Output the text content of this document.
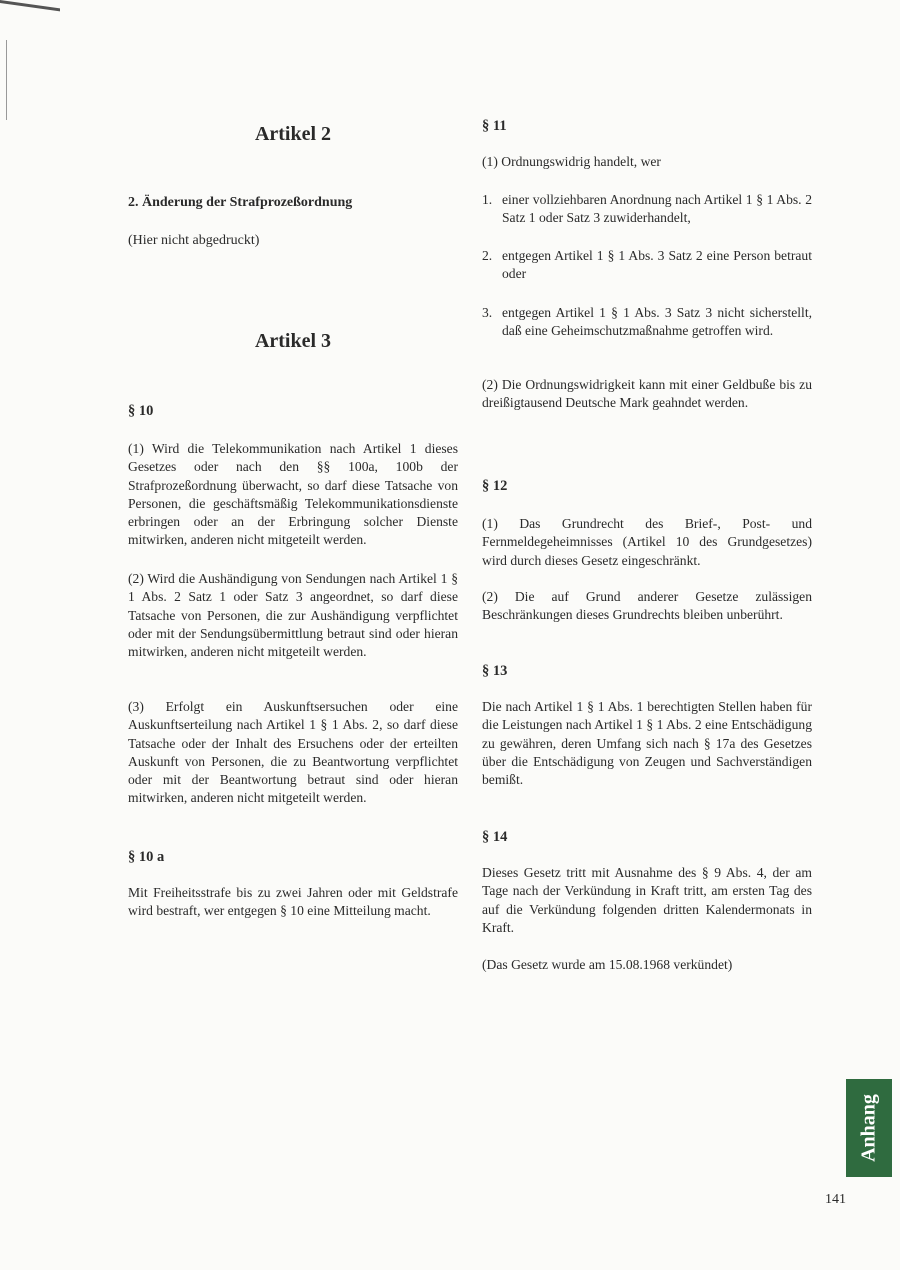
Artikel 2
2. Änderung der Strafprozeßordnung
(Hier nicht abgedruckt)
Artikel 3
§ 10

(1) Wird die Telekommunikation nach Artikel 1 dieses Gesetzes oder nach den §§ 100a, 100b der Strafprozeßordnung überwacht, so darf diese Tatsache von Personen, die geschäftsmäßig Telekommunikationsdienste erbringen oder an der Erbringung solcher Dienste mitwirken, anderen nicht mitgeteilt werden.

(2) Wird die Aushändigung von Sendungen nach Artikel 1 § 1 Abs. 2 Satz 1 oder Satz 3 angeordnet, so darf diese Tatsache von Personen, die zur Aushändigung verpflichtet oder mit der Sendungsübermittlung betraut sind oder hieran mitwirken, anderen nicht mitgeteilt werden.

(3) Erfolgt ein Auskunftsersuchen oder eine Auskunftserteilung nach Artikel 1 § 1 Abs. 2, so darf diese Tatsache oder der Inhalt des Ersuchens oder der erteilten Auskunft von Personen, die zu Beantwortung verpflichtet oder mit der Beantwortung betraut sind oder hieran mitwirken, anderen nicht mitgeteilt werden.

§ 10 a

Mit Freiheitsstrafe bis zu zwei Jahren oder mit Geldstrafe wird bestraft, wer entgegen § 10 eine Mitteilung macht.

§ 11
(1) Ordnungswidrig handelt, wer
1. einer vollziehbaren Anordnung nach Artikel 1 § 1 Abs. 2 Satz 1 oder Satz 3 zuwiderhandelt,
2. entgegen Artikel 1 § 1 Abs. 3 Satz 2 eine Person betraut oder
3. entgegen Artikel 1 § 1 Abs. 3 Satz 3 nicht sicherstellt, daß eine Geheimschutzmaßnahme getroffen wird.

(2) Die Ordnungswidrigkeit kann mit einer Geldbuße bis zu dreißigtausend Deutsche Mark geahndet werden.

§ 12

(1) Das Grundrecht des Brief-, Post- und Fernmeldegeheimnisses (Artikel 10 des Grundgesetzes) wird durch dieses Gesetz eingeschränkt.

(2) Die auf Grund anderer Gesetze zulässigen Beschränkungen dieses Grundrechts bleiben unberührt.

§ 13

Die nach Artikel 1 § 1 Abs. 1 berechtigten Stellen haben für die Leistungen nach Artikel 1 § 1 Abs. 2 eine Entschädigung zu gewähren, deren Umfang sich nach § 17a des Gesetzes über die Entschädigung von Zeugen und Sachverständigen bemißt.

§ 14

Dieses Gesetz tritt mit Ausnahme des § 9 Abs. 4, der am Tage nach der Verkündung in Kraft tritt, am ersten Tag des auf die Verkündung folgenden dritten Kalendermonats in Kraft.

(Das Gesetz wurde am 15.08.1968 verkündet)
Anhang
141
